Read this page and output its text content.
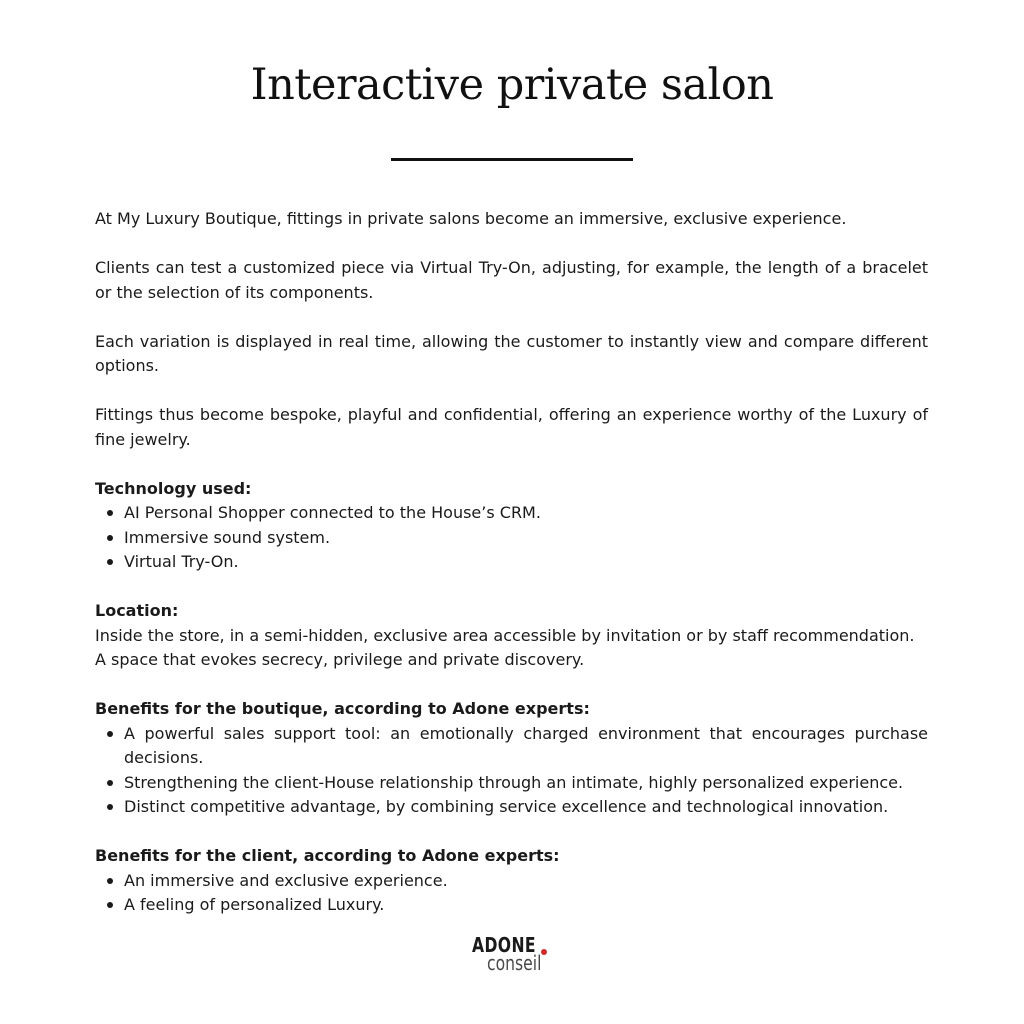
Interactive private salon

At My Luxury Boutique, fittings in private salons become an immersive, exclusive experience.

Clients can test a customized piece via Virtual Try-On, adjusting, for example, the length of a bracelet or the selection of its components.

Each variation is displayed in real time, allowing the customer to instantly view and compare different options.

Fittings thus become bespoke, playful and confidential, offering an experience worthy of the Luxury of fine jewelry.

Technology used:
AI Personal Shopper connected to the House’s CRM.
Immersive sound system.
Virtual Try-On.
Location:
Inside the store, in a semi-hidden, exclusive area accessible by invitation or by staff recommendation.
A space that evokes secrecy, privilege and private discovery.
Benefits for the boutique, according to Adone experts:
A powerful sales support tool: an emotionally charged environment that encourages purchase decisions.
Strengthening the client-House relationship through an intimate, highly personalized experience.
Distinct competitive advantage, by combining service excellence and technological innovation.
Benefits for the client, according to Adone experts:
An immersive and exclusive experience.
A feeling of personalized Luxury.
ADONE
conseil
